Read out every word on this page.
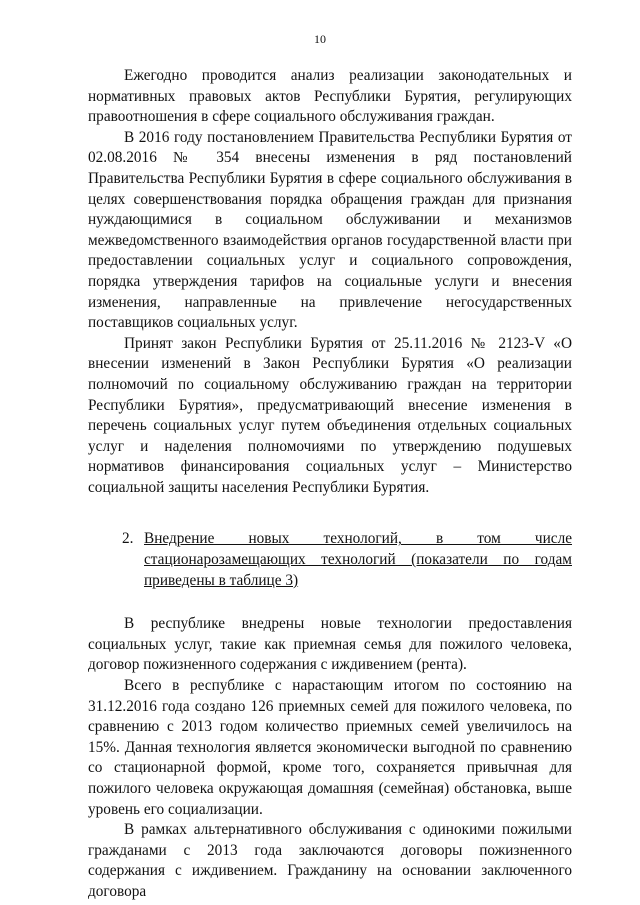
10

Ежегодно проводится анализ реализации законодательных и нормативных правовых актов Республики Бурятия, регулирующих правоотношения в сфере социального обслуживания граждан.

В 2016 году постановлением Правительства Республики Бурятия от 02.08.2016 № 354 внесены изменения в ряд постановлений Правительства Республики Бурятия в сфере социального обслуживания в целях совершенствования порядка обращения граждан для признания нуждающимися в социальном обслуживании и механизмов межведомственного взаимодействия органов государственной власти при предоставлении социальных услуг и социального сопровождения, порядка утверждения тарифов на социальные услуги и внесения изменения, направленные на привлечение негосударственных поставщиков социальных услуг.

Принят закон Республики Бурятия от 25.11.2016 № 2123-V «О внесении изменений в Закон Республики Бурятия «О реализации полномочий по социальному обслуживанию граждан на территории Республики Бурятия», предусматривающий внесение изменения в перечень социальных услуг путем объединения отдельных социальных услуг и наделения полномочиями по утверждению подушевых нормативов финансирования социальных услуг – Министерство социальной защиты населения Республики Бурятия.

2. Внедрение новых технологий, в том числе стационарозамещающих технологий (показатели по годам приведены в таблице 3)

В республике внедрены новые технологии предоставления социальных услуг, такие как приемная семья для пожилого человека, договор пожизненного содержания с иждивением (рента).

Всего в республике с нарастающим итогом по состоянию на 31.12.2016 года создано 126 приемных семей для пожилого человека, по сравнению с 2013 годом количество приемных семей увеличилось на 15%. Данная технология является экономически выгодной по сравнению со стационарной формой, кроме того, сохраняется привычная для пожилого человека окружающая домашняя (семейная) обстановка, выше уровень его социализации.

В рамках альтернативного обслуживания с одинокими пожилыми гражданами с 2013 года заключаются договоры пожизненного содержания с иждивением. Гражданину на основании заключенного договора
